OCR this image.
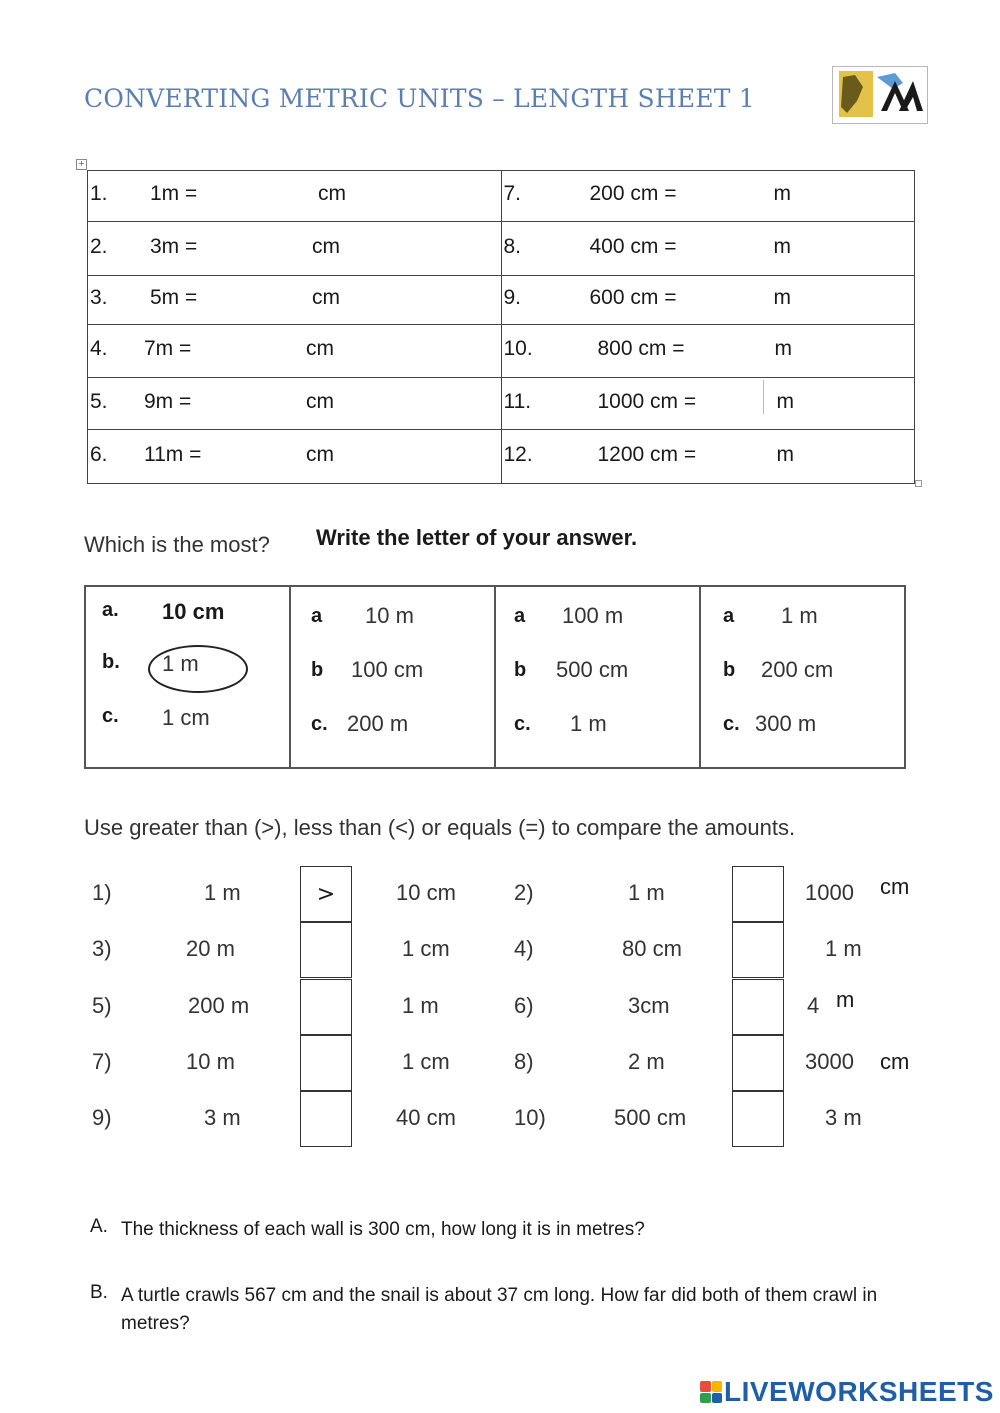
CONVERTING METRIC UNITS – LENGTH SHEET 1
+
1. 1m = cm	7. 200 cm = m

2. 3m = cm	8. 400 cm = m

3. 5m = cm	9. 600 cm = m

4. 7m = cm	10. 800 cm = m

5. 9m = cm	11. 1000 cm = m

6. 11m = cm	12. 1200 cm = m
Which is the most? Write the letter of your answer.
a. 10 cm
b. 1 m
c. 1 cm
a 10 m
b 100 cm
c. 200 m
a 100 m
b 500 cm
c. 1 m
a 1 m
b 200 cm
c. 300 m
Use greater than (>), less than (<) or equals (=) to compare the amounts.
1)	1 m	>	10 cm	2)	1 m	1000 cm
3)	20 m	1 cm	4)	80 cm	1 m
5)	200 m	1 m	6)	3cm	4 m
7)	10 m	1 cm	8)	2 m	3000 cm
9)	3 m	40 cm	10)	500 cm	3 m
A. The thickness of each wall is 300 cm, how long it is in metres?
B. A turtle crawls 567 cm and the snail is about 37 cm long. How far did both of them crawl in metres?
LIVEWORKSHEETS
